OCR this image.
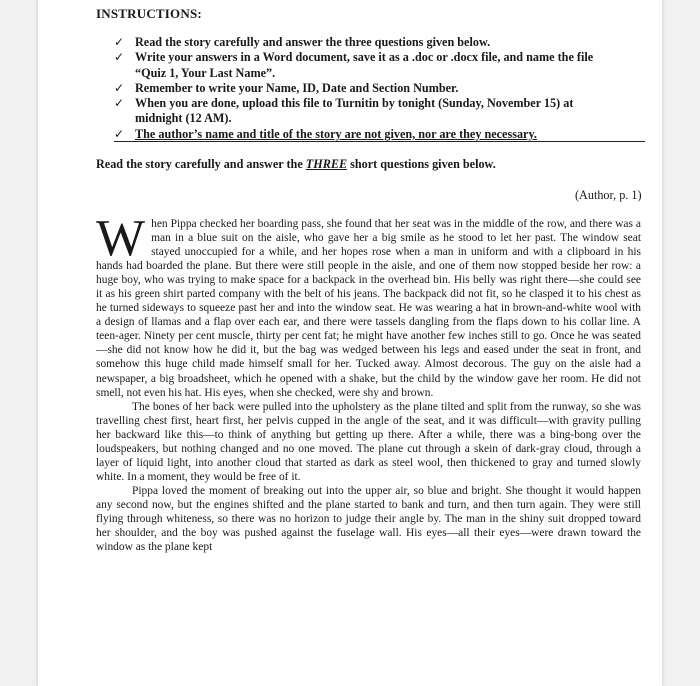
INSTRUCTIONS:
✓ Read the story carefully and answer the three questions given below.
✓ Write your answers in a Word document, save it as a .doc or .docx file, and name the file “Quiz 1, Your Last Name”.
✓ Remember to write your Name, ID, Date and Section Number.
✓ When you are done, upload this file to Turnitin by tonight (Sunday, November 15) at midnight (12 AM).
✓ The author’s name and title of the story are not given, nor are they necessary.
Read the story carefully and answer the THREE short questions given below.
(Author, p. 1)

When Pippa checked her boarding pass, she found that her seat was in the middle of the row, and there was a man in a blue suit on the aisle, who gave her a big smile as he stood to let her past. The window seat stayed unoccupied for a while, and her hopes rose when a man in uniform and with a clipboard in his hands had boarded the plane. But there were still people in the aisle, and one of them now stopped beside her row: a huge boy, who was trying to make space for a backpack in the overhead bin. His belly was right there—she could see it as his green shirt parted company with the belt of his jeans. The backpack did not fit, so he clasped it to his chest as he turned sideways to squeeze past her and into the window seat. He was wearing a hat in brown-and-white wool with a design of llamas and a flap over each ear, and there were tassels dangling from the flaps down to his collar line. A teen-ager. Ninety per cent muscle, thirty per cent fat; he might have another few inches still to go. Once he was seated—she did not know how he did it, but the bag was wedged between his legs and eased under the seat in front, and somehow this huge child made himself small for her. Tucked away. Almost decorous. The guy on the aisle had a newspaper, a big broadsheet, which he opened with a shake, but the child by the window gave her room. He did not smell, not even his hat. His eyes, when she checked, were shy and brown.

The bones of her back were pulled into the upholstery as the plane tilted and split from the runway, so she was travelling chest first, heart first, her pelvis cupped in the angle of the seat, and it was difficult—with gravity pulling her backward like this—to think of anything but getting up there. After a while, there was a bing-bong over the loudspeakers, but nothing changed and no one moved. The plane cut through a skein of dark-gray cloud, through a layer of liquid light, into another cloud that started as dark as steel wool, then thickened to gray and turned slowly white. In a moment, they would be free of it.

Pippa loved the moment of breaking out into the upper air, so blue and bright. She thought it would happen any second now, but the engines shifted and the plane started to bank and turn, and then turn again. They were still flying through whiteness, so there was no horizon to judge their angle by. The man in the shiny suit dropped toward her shoulder, and the boy was pushed against the fuselage wall. His eyes—all their eyes—were drawn toward the window as the plane kept
